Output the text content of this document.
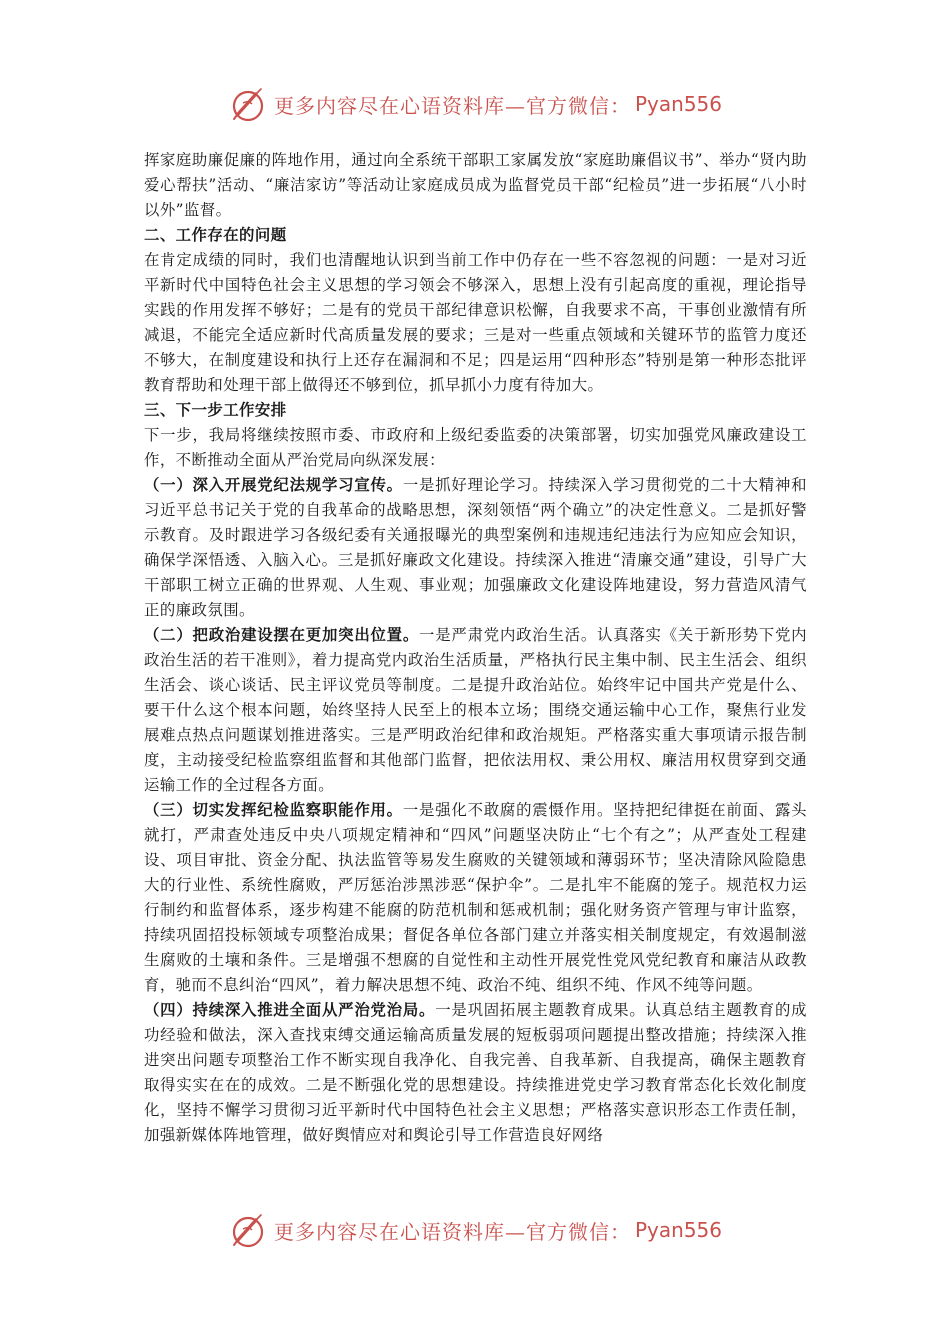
更多内容尽在心语资料库—官方微信： Pyan556

挥家庭助廉促廉的阵地作用，通过向全系统干部职工家属发放“家庭助廉倡议书”、举办“贤内助爱心帮扶”活动、“廉洁家访”等活动让家庭成员成为监督党员干部“纪检员”进一步拓展“八小时以外”监督。

二、工作存在的问题

在肯定成绩的同时，我们也清醒地认识到当前工作中仍存在一些不容忽视的问题：一是对习近平新时代中国特色社会主义思想的学习领会不够深入，思想上没有引起高度的重视，理论指导实践的作用发挥不够好；二是有的党员干部纪律意识松懈，自我要求不高，干事创业激情有所减退，不能完全适应新时代高质量发展的要求；三是对一些重点领域和关键环节的监管力度还不够大，在制度建设和执行上还存在漏洞和不足；四是运用“四种形态”特别是第一种形态批评教育帮助和处理干部上做得还不够到位，抓早抓小力度有待加大。

三、下一步工作安排

下一步，我局将继续按照市委、市政府和上级纪委监委的决策部署，切实加强党风廉政建设工作，不断推动全面从严治党局向纵深发展：

（一）深入开展党纪法规学习宣传。一是抓好理论学习。持续深入学习贯彻党的二十大精神和习近平总书记关于党的自我革命的战略思想，深刻领悟“两个确立”的决定性意义。二是抓好警示教育。及时跟进学习各级纪委有关通报曝光的典型案例和违规违纪违法行为应知应会知识，确保学深悟透、入脑入心。三是抓好廉政文化建设。持续深入推进“清廉交通”建设，引导广大干部职工树立正确的世界观、人生观、事业观；加强廉政文化建设阵地建设，努力营造风清气正的廉政氛围。

（二）把政治建设摆在更加突出位置。一是严肃党内政治生活。认真落实《关于新形势下党内政治生活的若干准则》，着力提高党内政治生活质量，严格执行民主集中制、民主生活会、组织生活会、谈心谈话、民主评议党员等制度。二是提升政治站位。始终牢记中国共产党是什么、要干什么这个根本问题，始终坚持人民至上的根本立场；围绕交通运输中心工作，聚焦行业发展难点热点问题谋划推进落实。三是严明政治纪律和政治规矩。严格落实重大事项请示报告制度，主动接受纪检监察组监督和其他部门监督，把依法用权、秉公用权、廉洁用权贯穿到交通运输工作的全过程各方面。

（三）切实发挥纪检监察职能作用。一是强化不敢腐的震慑作用。坚持把纪律挺在前面、露头就打，严肃查处违反中央八项规定精神和“四风”问题坚决防止“七个有之”；从严查处工程建设、项目审批、资金分配、执法监管等易发生腐败的关键领域和薄弱环节；坚决清除风险隐患大的行业性、系统性腐败，严厉惩治涉黑涉恶“保护伞”。二是扎牢不能腐的笼子。规范权力运行制约和监督体系，逐步构建不能腐的防范机制和惩戒机制；强化财务资产管理与审计监察，持续巩固招投标领域专项整治成果；督促各单位各部门建立并落实相关制度规定，有效遏制滋生腐败的土壤和条件。三是增强不想腐的自觉性和主动性开展党性党风党纪教育和廉洁从政教育，驰而不息纠治“四风”，着力解决思想不纯、政治不纯、组织不纯、作风不纯等问题。

（四）持续深入推进全面从严治党治局。一是巩固拓展主题教育成果。认真总结主题教育的成功经验和做法，深入查找束缚交通运输高质量发展的短板弱项问题提出整改措施；持续深入推进突出问题专项整治工作不断实现自我净化、自我完善、自我革新、自我提高，确保主题教育取得实实在在的成效。二是不断强化党的思想建设。持续推进党史学习教育常态化长效化制度化，坚持不懈学习贯彻习近平新时代中国特色社会主义思想；严格落实意识形态工作责任制，加强新媒体阵地管理，做好舆情应对和舆论引导工作营造良好网络

更多内容尽在心语资料库—官方微信： Pyan556
